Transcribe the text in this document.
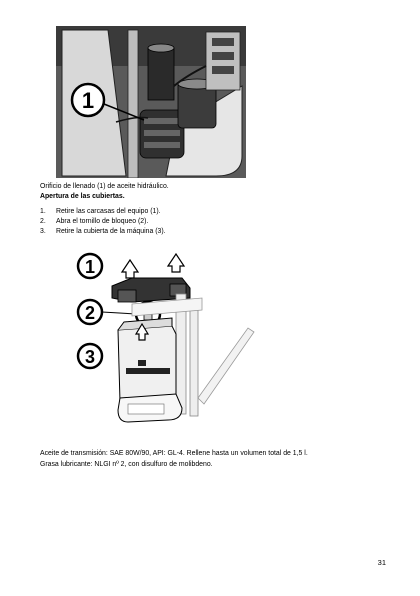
1
Orificio de llenado (1) de aceite hidráulico.
Apertura de las cubiertas.
1. Retire las carcasas del equipo (1).
2. Abra el tornillo de bloqueo (2).
3. Retire la cubierta de la máquina (3).
1
2
3
Aceite de transmisión: SAE 80W/90, API: GL-4. Rellene hasta un volumen total de 1,5 l.
Grasa lubricante: NLGI nº 2, con disulfuro de molibdeno.
31
